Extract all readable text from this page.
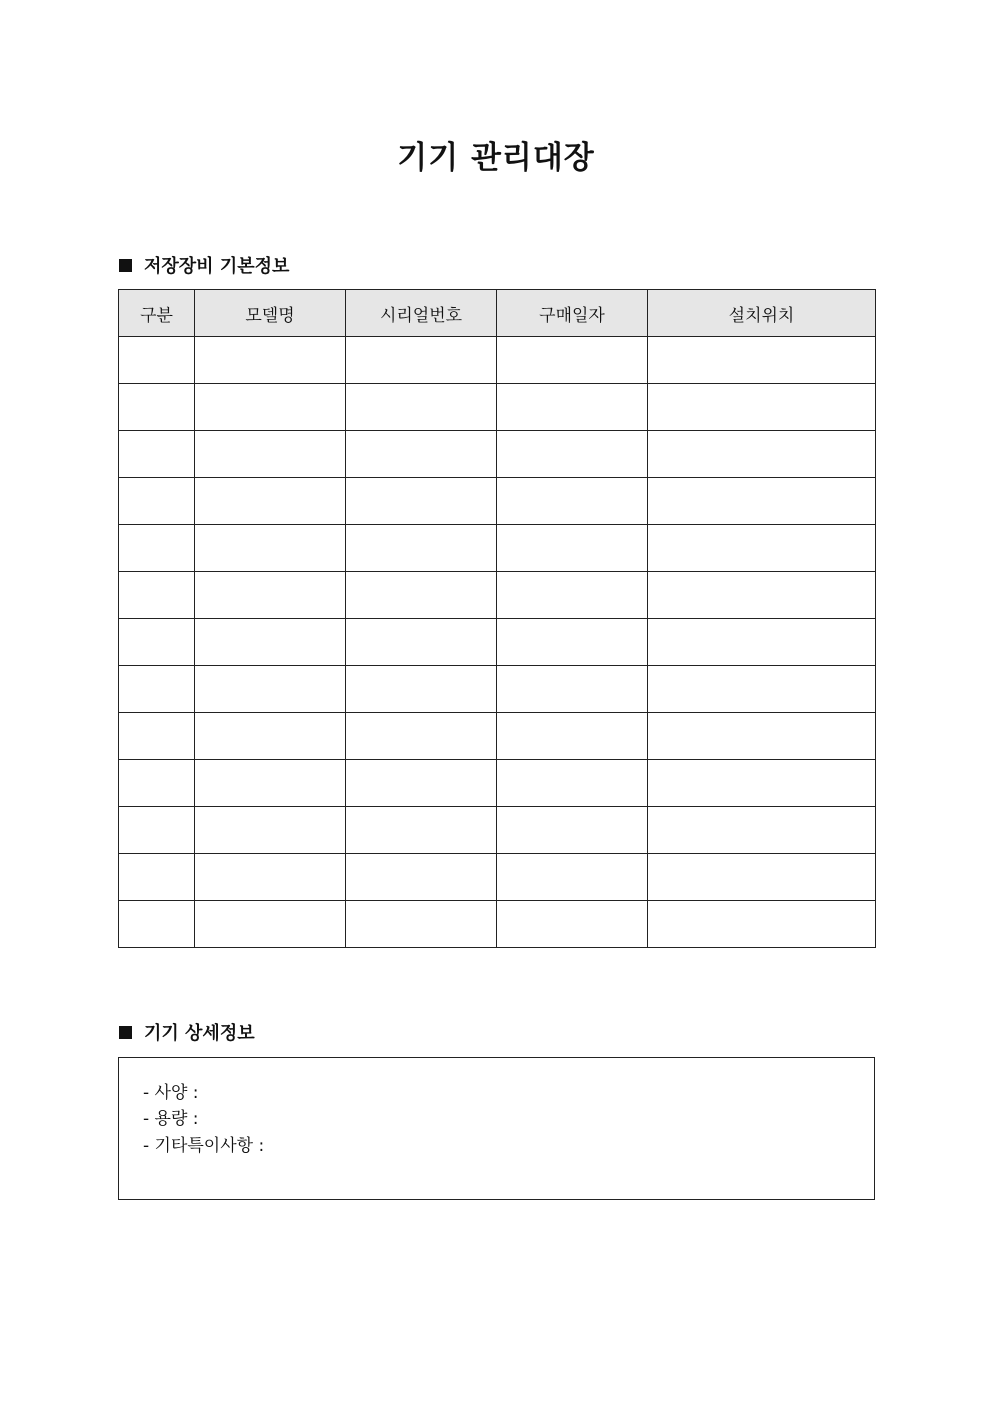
기기 관리대장
저장장비 기본정보
구분	모델명	시리얼번호	구매일자	설치위치

기기 상세정보
- 사양 :
- 용량 :
- 기타특이사항 :
